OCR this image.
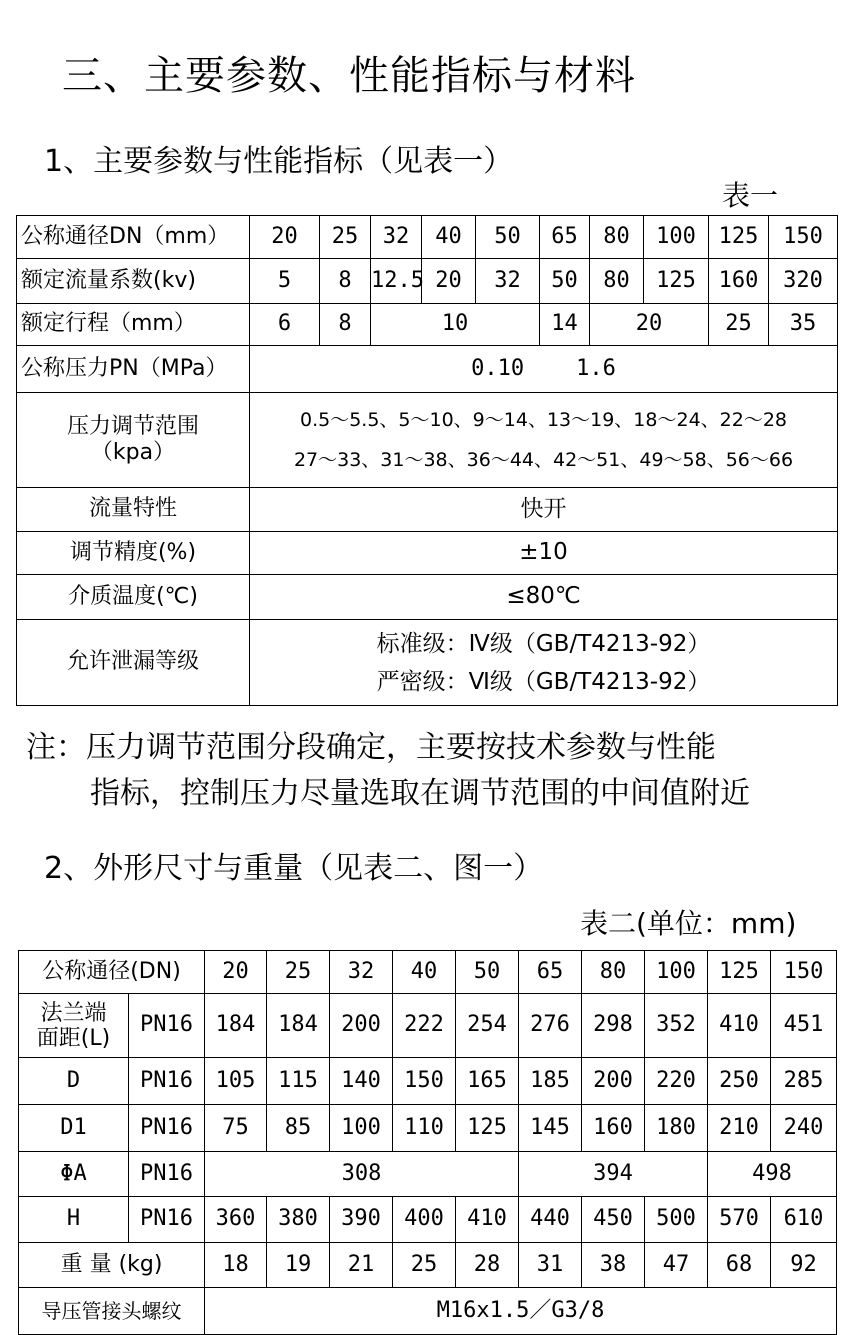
三、主要参数、性能指标与材料
1、主要参数与性能指标（见表一）
表一
公称通径DN（mm）	20	25	32	40	50	65	80	100	125	150
额定流量系数(kv)	5	8	12.5	20	32	50	80	125	160	320
额定行程（mm）	6	8	10			14	20		25	35
公称压力PN（MPa）	0.10 1.6									

压力调节范围
（kpa）	0.5～5.5、5～10、9～14、13～19、18～24、22～28
27～33、31～38、36～44、42～51、49～58、56～66									

流量特性	快开									
调节精度(%)	±10									
介质温度(℃)	≤80℃									
允许泄漏等级	标准级：Ⅳ级（GB/T4213-92）
严密级：Ⅵ级（GB/T4213-92）									
注：压力调节范围分段确定，主要按技术参数与性能
指标，控制压力尽量选取在调节范围的中间值附近
2、外形尺寸与重量（见表二、图一）
表二(单位：mm)
公称通径(DN)		20	25	32	40	50	65	80	100	125	150

法兰端
面距(L)	PN16	184	184	200	222	254	276	298	352	410	451
D	PN16	105	115	140	150	165	185	200	220	250	285
D1	PN16	75	85	100	110	125	145	160	180	210	240
ΦA	PN16	308					394			498	
H	PN16	360	380	390	400	410	440	450	500	570	610
重 量 (kg)		18	19	21	25	28	31	38	47	68	92
导压管接头螺纹		M16x1.5／G3/8									
